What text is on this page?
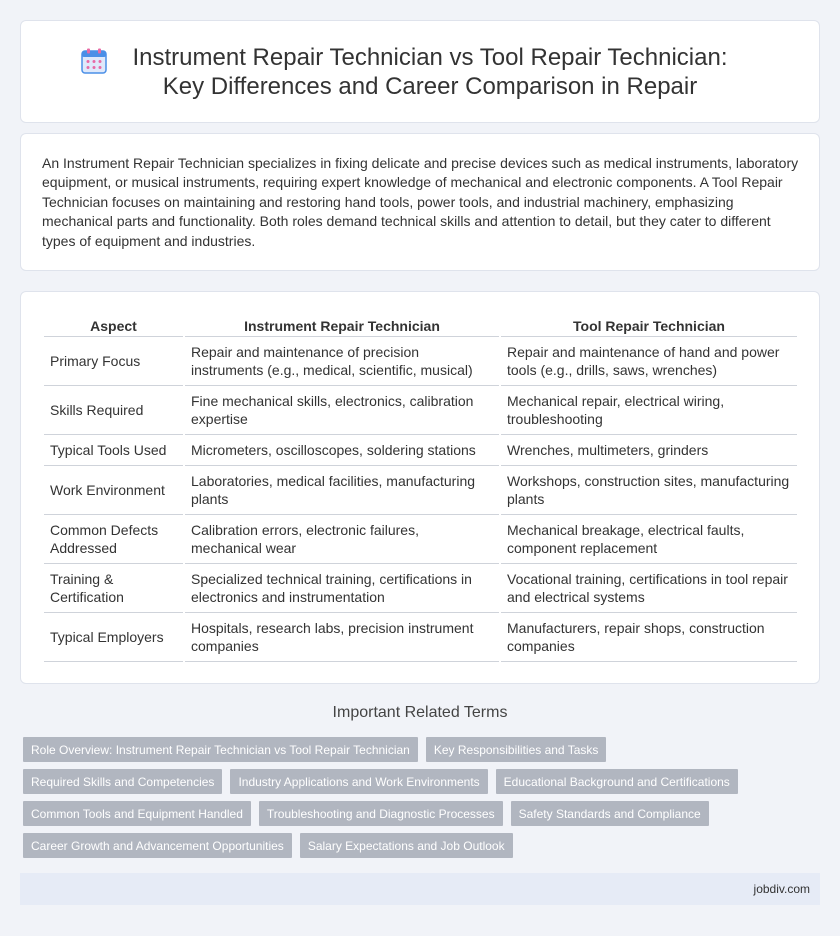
Instrument Repair Technician vs Tool Repair Technician: Key Differences and Career Comparison in Repair

An Instrument Repair Technician specializes in fixing delicate and precise devices such as medical instruments, laboratory equipment, or musical instruments, requiring expert knowledge of mechanical and electronic components. A Tool Repair Technician focuses on maintaining and restoring hand tools, power tools, and industrial machinery, emphasizing mechanical parts and functionality. Both roles demand technical skills and attention to detail, but they cater to different types of equipment and industries.

Aspect	Instrument Repair Technician	Tool Repair Technician
Primary Focus	Repair and maintenance of precision instruments (e.g., medical, scientific, musical)	Repair and maintenance of hand and power tools (e.g., drills, saws, wrenches)
Skills Required	Fine mechanical skills, electronics, calibration expertise	Mechanical repair, electrical wiring, troubleshooting
Typical Tools Used	Micrometers, oscilloscopes, soldering stations	Wrenches, multimeters, grinders
Work Environment	Laboratories, medical facilities, manufacturing plants	Workshops, construction sites, manufacturing plants
Common Defects Addressed	Calibration errors, electronic failures, mechanical wear	Mechanical breakage, electrical faults, component replacement
Training & Certification	Specialized technical training, certifications in electronics and instrumentation	Vocational training, certifications in tool repair and electrical systems
Typical Employers	Hospitals, research labs, precision instrument companies	Manufacturers, repair shops, construction companies
Important Related Terms
Role Overview: Instrument Repair Technician vs Tool Repair Technician	Key Responsibilities and Tasks
Required Skills and Competencies	Industry Applications and Work Environments	Educational Background and Certifications
Common Tools and Equipment Handled	Troubleshooting and Diagnostic Processes	Safety Standards and Compliance
Career Growth and Advancement Opportunities	Salary Expectations and Job Outlook
jobdiv.com
